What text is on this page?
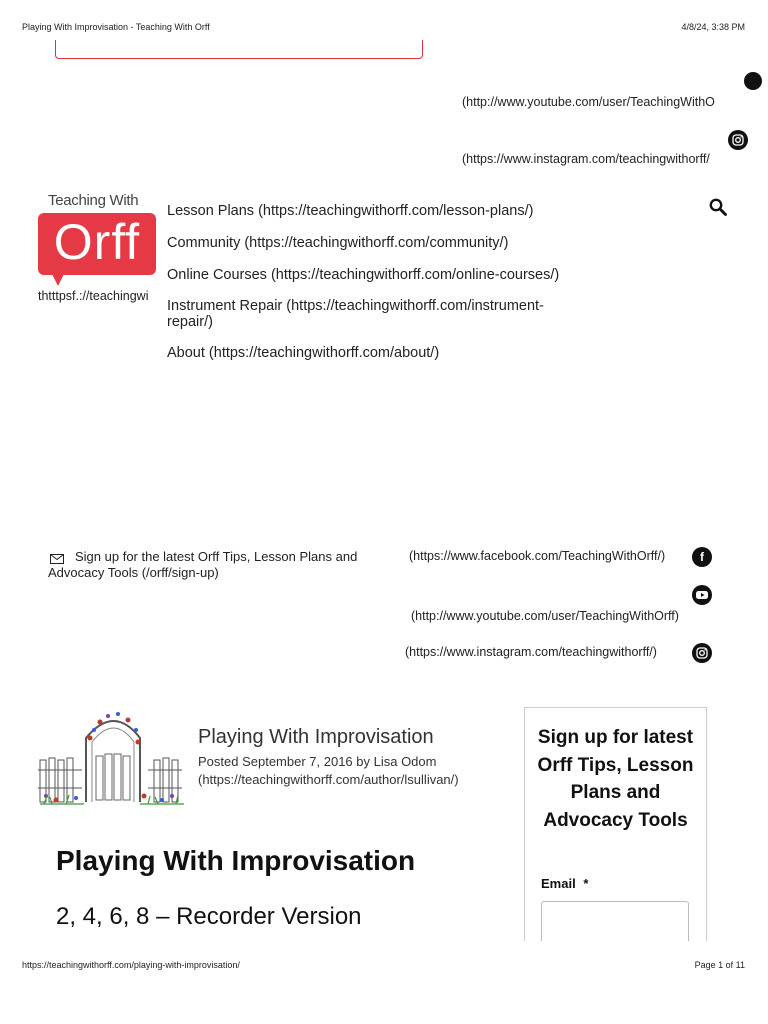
Playing With Improvisation - Teaching With Orff	4/8/24, 3:38 PM
(http://www.youtube.com/user/TeachingWithO
(https://www.instagram.com/teachingwithorff/
Teaching With
Orff
thtttpsf.://teachingwi
Lesson Plans (https://teachingwithorff.com/lesson-plans/)
Community (https://teachingwithorff.com/community/)
Online Courses (https://teachingwithorff.com/online-courses/)
Instrument Repair (https://teachingwithorff.com/instrument-repair/)
About (https://teachingwithorff.com/about/)
Sign up for the latest Orff Tips, Lesson Plans and Advocacy Tools (/orff/sign-up)
(https://www.facebook.com/TeachingWithOrff/)	f
(http://www.youtube.com/user/TeachingWithOrff)
(https://www.instagram.com/teachingwithorff/)
Playing With Improvisation
Posted September 7, 2016 by Lisa Odom
(https://teachingwithorff.com/author/lsullivan/)
Playing With Improvisation
2, 4, 6, 8 – Recorder Version
Sign up for latest Orff Tips, Lesson Plans and Advocacy Tools
Email *
https://teachingwithorff.com/playing-with-improvisation/	Page 1 of 11
